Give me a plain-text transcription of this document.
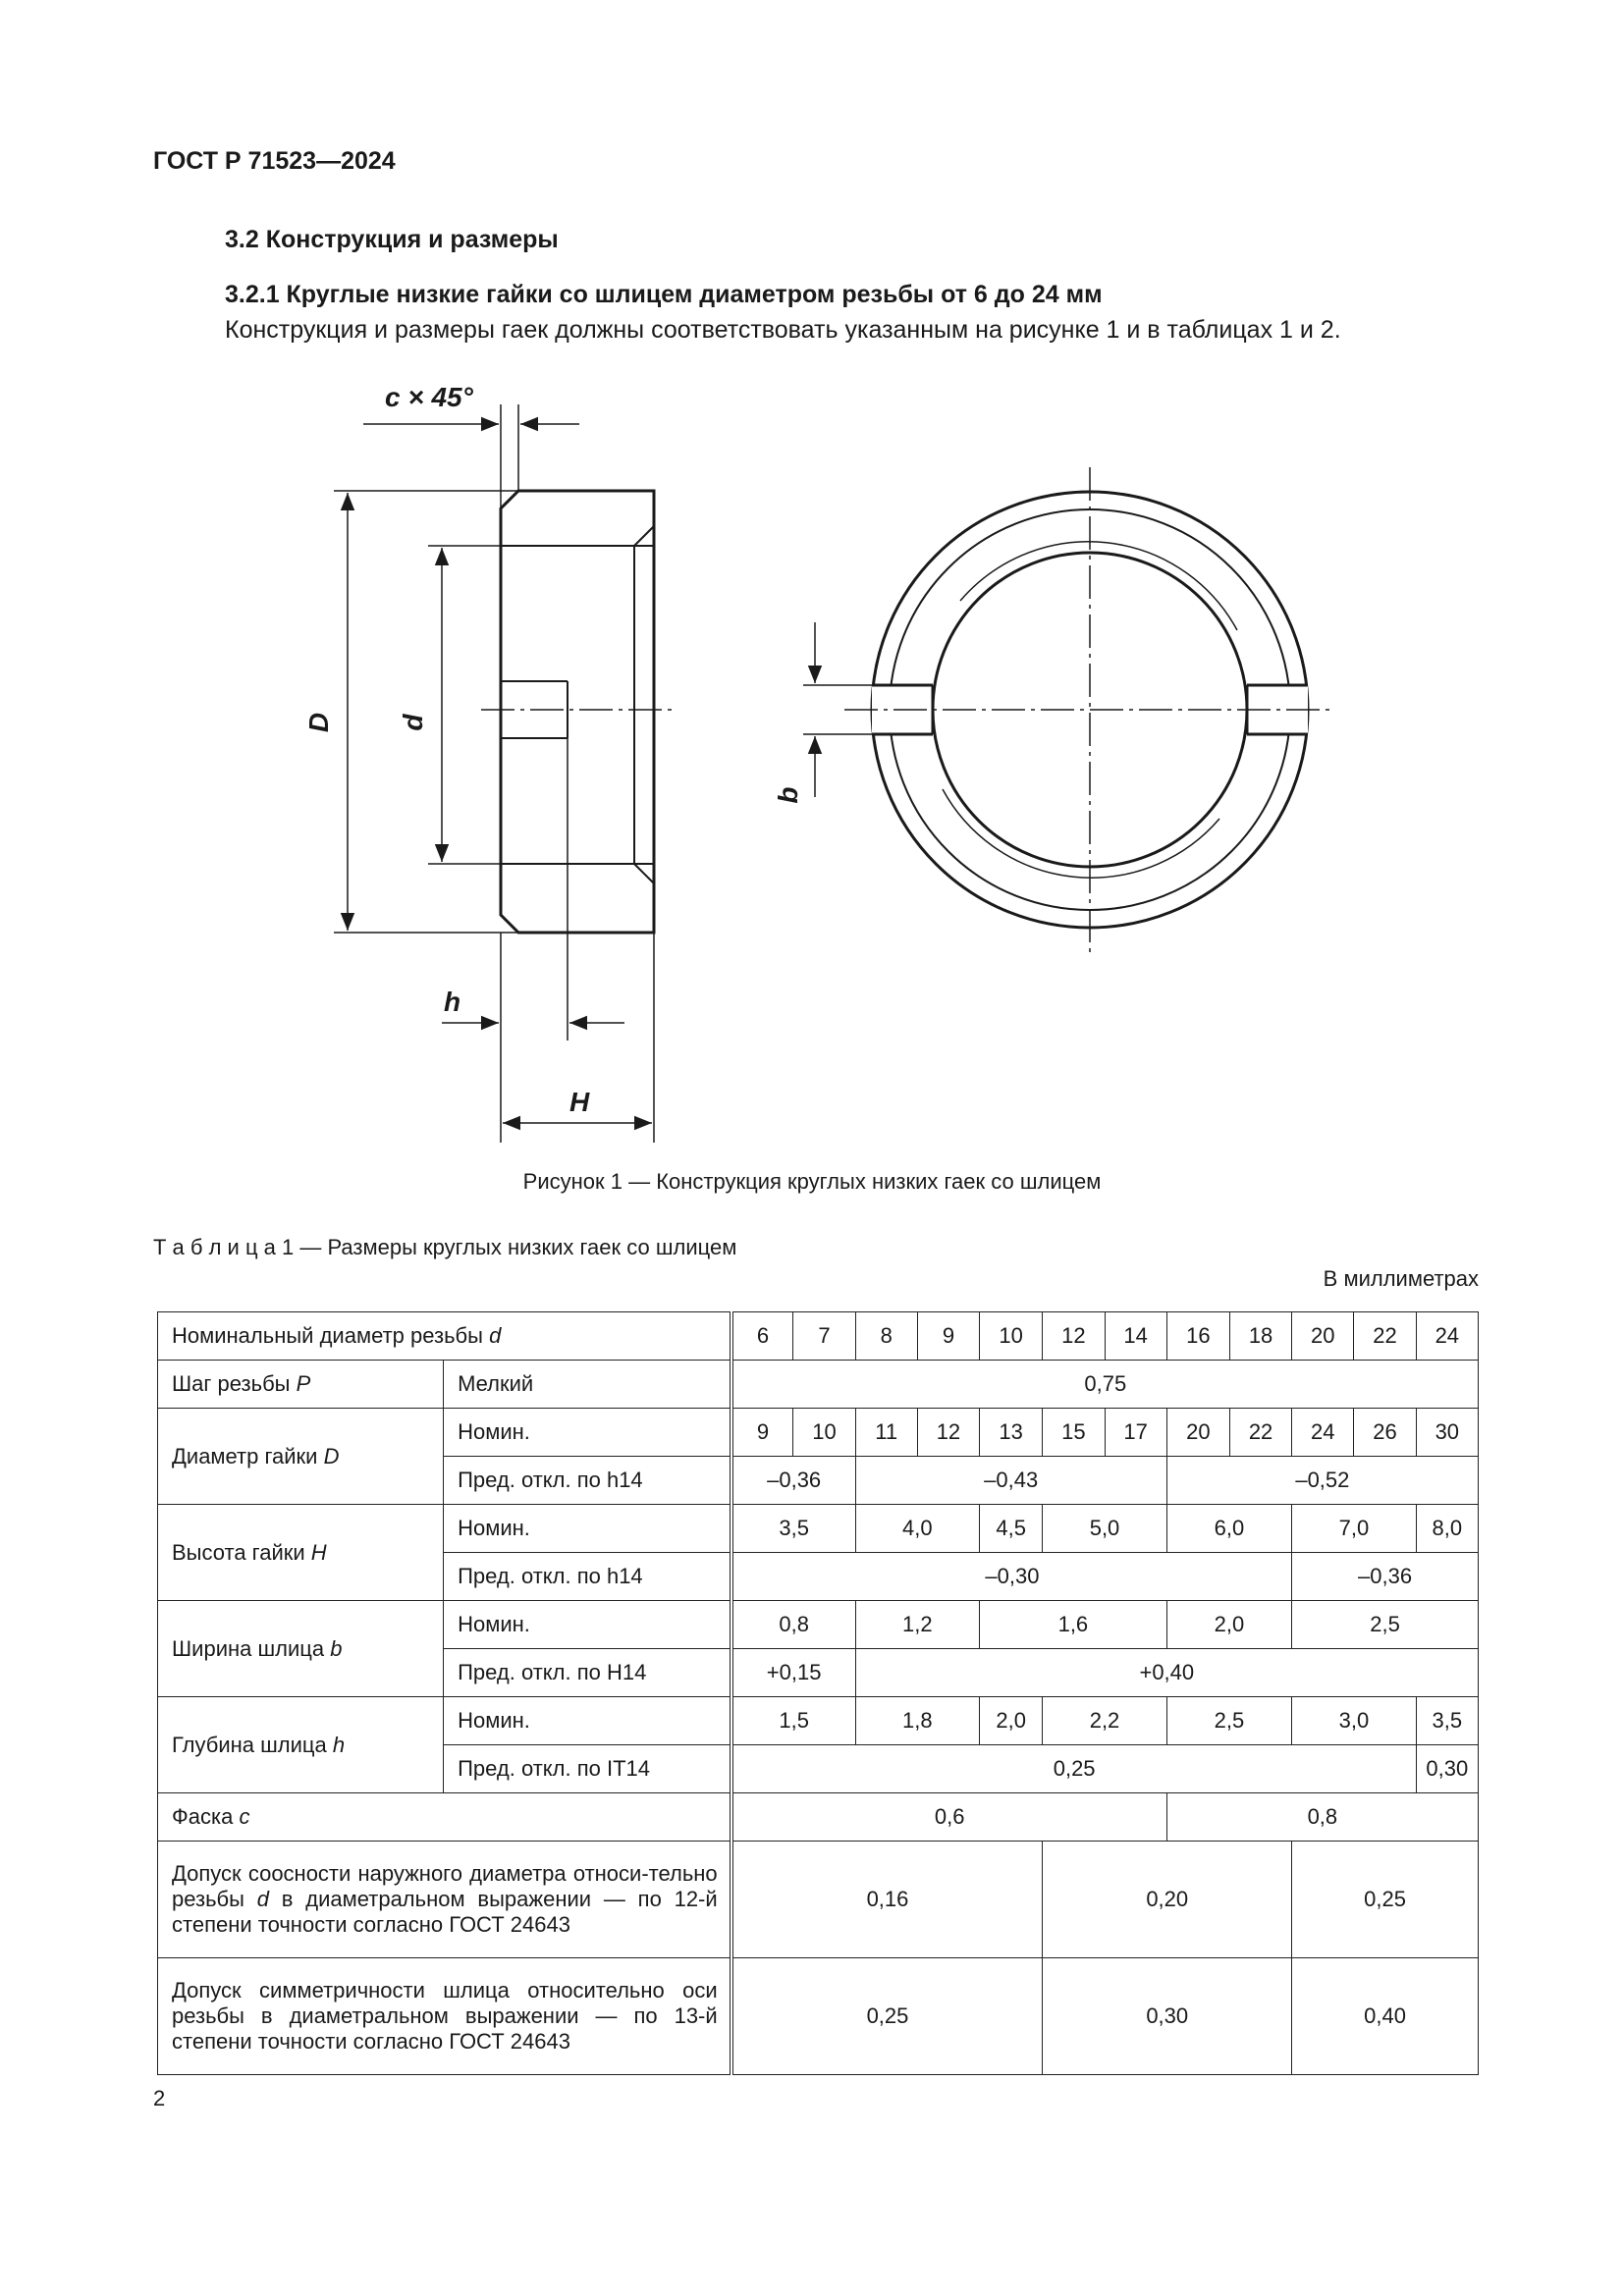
ГОСТ Р 71523—2024
3.2 Конструкция и размеры
3.2.1 Круглые низкие гайки со шлицем диаметром резьбы от 6 до 24 мм
Конструкция и размеры гаек должны соответствовать указанным на рисунке 1 и в таблицах 1 и 2.
c × 45°
D d
h
H
b
Рисунок 1 — Конструкция круглых низких гаек со шлицем
Т а б л и ц а 1 — Размеры круглых низких гаек со шлицем
В миллиметрах
Номинальный диаметр резьбы d		6	7	8	9	10	12	14	16	18	20	22	24
Шаг резьбы P	Мелкий	0,75											
Диаметр гайки D	Номин.	9	10	11	12	13	15	17	20	22	24	26	30
	Пред. откл. по h14	–0,36		–0,43					–0,52				
Высота гайки H	Номин.	3,5		4,0		4,5	5,0		6,0		7,0		8,0
	Пред. откл. по h14	–0,30									–0,36		
Ширина шлица b	Номин.	0,8		1,2		1,6			2,0		2,5		
	Пред. откл. по H14	+0,15		+0,40									
Глубина шлица h	Номин.	1,5		1,8		2,0	2,2		2,5		3,0		3,5
	Пред. откл. по IT14	0,25											0,30
Фаска c		0,6							0,8				
Допуск соосности наружного диаметра относи-тельно резьбы d в диаметральном выражении — по 12-й степени точности согласно ГОСТ 24643		0,16					0,20				0,25		
Допуск симметричности шлица относительно оси резьбы в диаметральном выражении — по 13-й степени точности согласно ГОСТ 24643		0,25					0,30				0,40		
2
